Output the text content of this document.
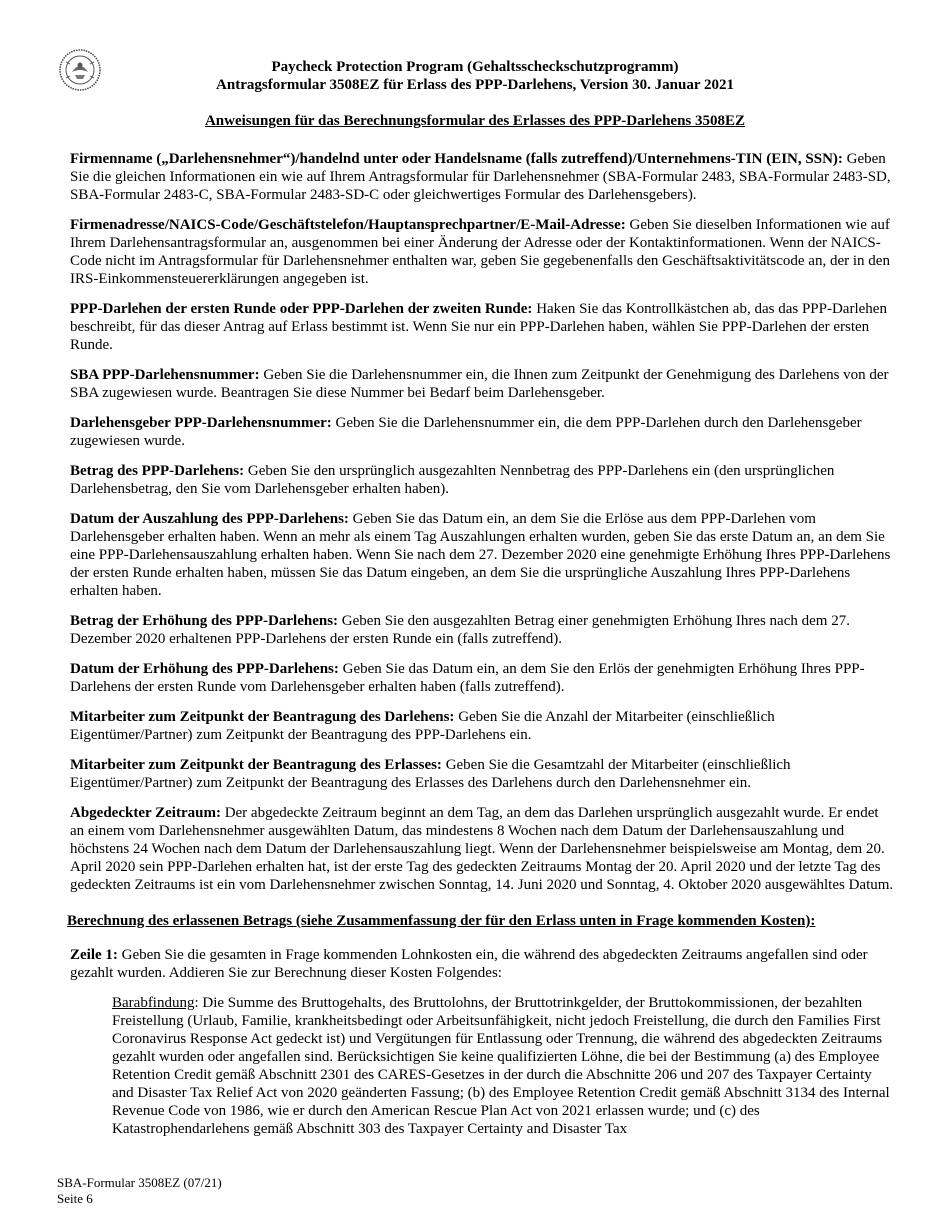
Paycheck Protection Program (Gehaltsscheckschutzprogramm)
Antragsformular 3508EZ für Erlass des PPP-Darlehens, Version 30. Januar 2021
Anweisungen für das Berechnungsformular des Erlasses des PPP-Darlehens 3508EZ

Firmenname („Darlehensnehmer“)/handelnd unter oder Handelsname (falls zutreffend)/Unternehmens-TIN (EIN, SSN): Geben Sie die gleichen Informationen ein wie auf Ihrem Antragsformular für Darlehensnehmer (SBA-Formular 2483, SBA-Formular 2483-SD, SBA-Formular 2483-C, SBA-Formular 2483-SD-C oder gleichwertiges Formular des Darlehensgebers).

Firmenadresse/NAICS-Code/Geschäftstelefon/Hauptansprechpartner/E-Mail-Adresse: Geben Sie dieselben Informationen wie auf Ihrem Darlehensantragsformular an, ausgenommen bei einer Änderung der Adresse oder der Kontaktinformationen. Wenn der NAICS-Code nicht im Antragsformular für Darlehensnehmer enthalten war, geben Sie gegebenenfalls den Geschäftsaktivitätscode an, der in den IRS-Einkommensteuererklärungen angegeben ist.

PPP-Darlehen der ersten Runde oder PPP-Darlehen der zweiten Runde: Haken Sie das Kontrollkästchen ab, das das PPP-Darlehen beschreibt, für das dieser Antrag auf Erlass bestimmt ist. Wenn Sie nur ein PPP-Darlehen haben, wählen Sie PPP-Darlehen der ersten Runde.

SBA PPP-Darlehensnummer: Geben Sie die Darlehensnummer ein, die Ihnen zum Zeitpunkt der Genehmigung des Darlehens von der SBA zugewiesen wurde. Beantragen Sie diese Nummer bei Bedarf beim Darlehensgeber.

Darlehensgeber PPP-Darlehensnummer: Geben Sie die Darlehensnummer ein, die dem PPP-Darlehen durch den Darlehensgeber zugewiesen wurde.

Betrag des PPP-Darlehens: Geben Sie den ursprünglich ausgezahlten Nennbetrag des PPP-Darlehens ein (den ursprünglichen Darlehensbetrag, den Sie vom Darlehensgeber erhalten haben).

Datum der Auszahlung des PPP-Darlehens: Geben Sie das Datum ein, an dem Sie die Erlöse aus dem PPP-Darlehen vom Darlehensgeber erhalten haben. Wenn an mehr als einem Tag Auszahlungen erhalten wurden, geben Sie das erste Datum an, an dem Sie eine PPP-Darlehensauszahlung erhalten haben. Wenn Sie nach dem 27. Dezember 2020 eine genehmigte Erhöhung Ihres PPP-Darlehens der ersten Runde erhalten haben, müssen Sie das Datum eingeben, an dem Sie die ursprüngliche Auszahlung Ihres PPP-Darlehens erhalten haben.

Betrag der Erhöhung des PPP-Darlehens: Geben Sie den ausgezahlten Betrag einer genehmigten Erhöhung Ihres nach dem 27. Dezember 2020 erhaltenen PPP-Darlehens der ersten Runde ein (falls zutreffend).

Datum der Erhöhung des PPP-Darlehens: Geben Sie das Datum ein, an dem Sie den Erlös der genehmigten Erhöhung Ihres PPP-Darlehens der ersten Runde vom Darlehensgeber erhalten haben (falls zutreffend).

Mitarbeiter zum Zeitpunkt der Beantragung des Darlehens: Geben Sie die Anzahl der Mitarbeiter (einschließlich Eigentümer/Partner) zum Zeitpunkt der Beantragung des PPP-Darlehens ein.

Mitarbeiter zum Zeitpunkt der Beantragung des Erlasses: Geben Sie die Gesamtzahl der Mitarbeiter (einschließlich Eigentümer/Partner) zum Zeitpunkt der Beantragung des Erlasses des Darlehens durch den Darlehensnehmer ein.

Abgedeckter Zeitraum: Der abgedeckte Zeitraum beginnt an dem Tag, an dem das Darlehen ursprünglich ausgezahlt wurde. Er endet an einem vom Darlehensnehmer ausgewählten Datum, das mindestens 8 Wochen nach dem Datum der Darlehensauszahlung und höchstens 24 Wochen nach dem Datum der Darlehensauszahlung liegt. Wenn der Darlehensnehmer beispielsweise am Montag, dem 20. April 2020 sein PPP-Darlehen erhalten hat, ist der erste Tag des gedeckten Zeitraums Montag der 20. April 2020 und der letzte Tag des gedeckten Zeitraums ist ein vom Darlehensnehmer zwischen Sonntag, 14. Juni 2020 und Sonntag, 4. Oktober 2020 ausgewähltes Datum.

Berechnung des erlassenen Betrags (siehe Zusammenfassung der für den Erlass unten in Frage kommenden Kosten):

Zeile 1: Geben Sie die gesamten in Frage kommenden Lohnkosten ein, die während des abgedeckten Zeitraums angefallen sind oder gezahlt wurden. Addieren Sie zur Berechnung dieser Kosten Folgendes:

Barabfindung: Die Summe des Bruttogehalts, des Bruttolohns, der Bruttotrinkgelder, der Bruttokommissionen, der bezahlten Freistellung (Urlaub, Familie, krankheitsbedingt oder Arbeitsunfähigkeit, nicht jedoch Freistellung, die durch den Families First Coronavirus Response Act gedeckt ist) und Vergütungen für Entlassung oder Trennung, die während des abgedeckten Zeitraums gezahlt wurden oder angefallen sind. Berücksichtigen Sie keine qualifizierten Löhne, die bei der Bestimmung (a) des Employee Retention Credit gemäß Abschnitt 2301 des CARES-Gesetzes in der durch die Abschnitte 206 und 207 des Taxpayer Certainty and Disaster Tax Relief Act von 2020 geänderten Fassung; (b) des Employee Retention Credit gemäß Abschnitt 3134 des Internal Revenue Code von 1986, wie er durch den American Rescue Plan Act von 2021 erlassen wurde; und (c) des Katastrophendarlehens gemäß Abschnitt 303 des Taxpayer Certainty and Disaster Tax

SBA-Formular 3508EZ (07/21)
Seite 6
